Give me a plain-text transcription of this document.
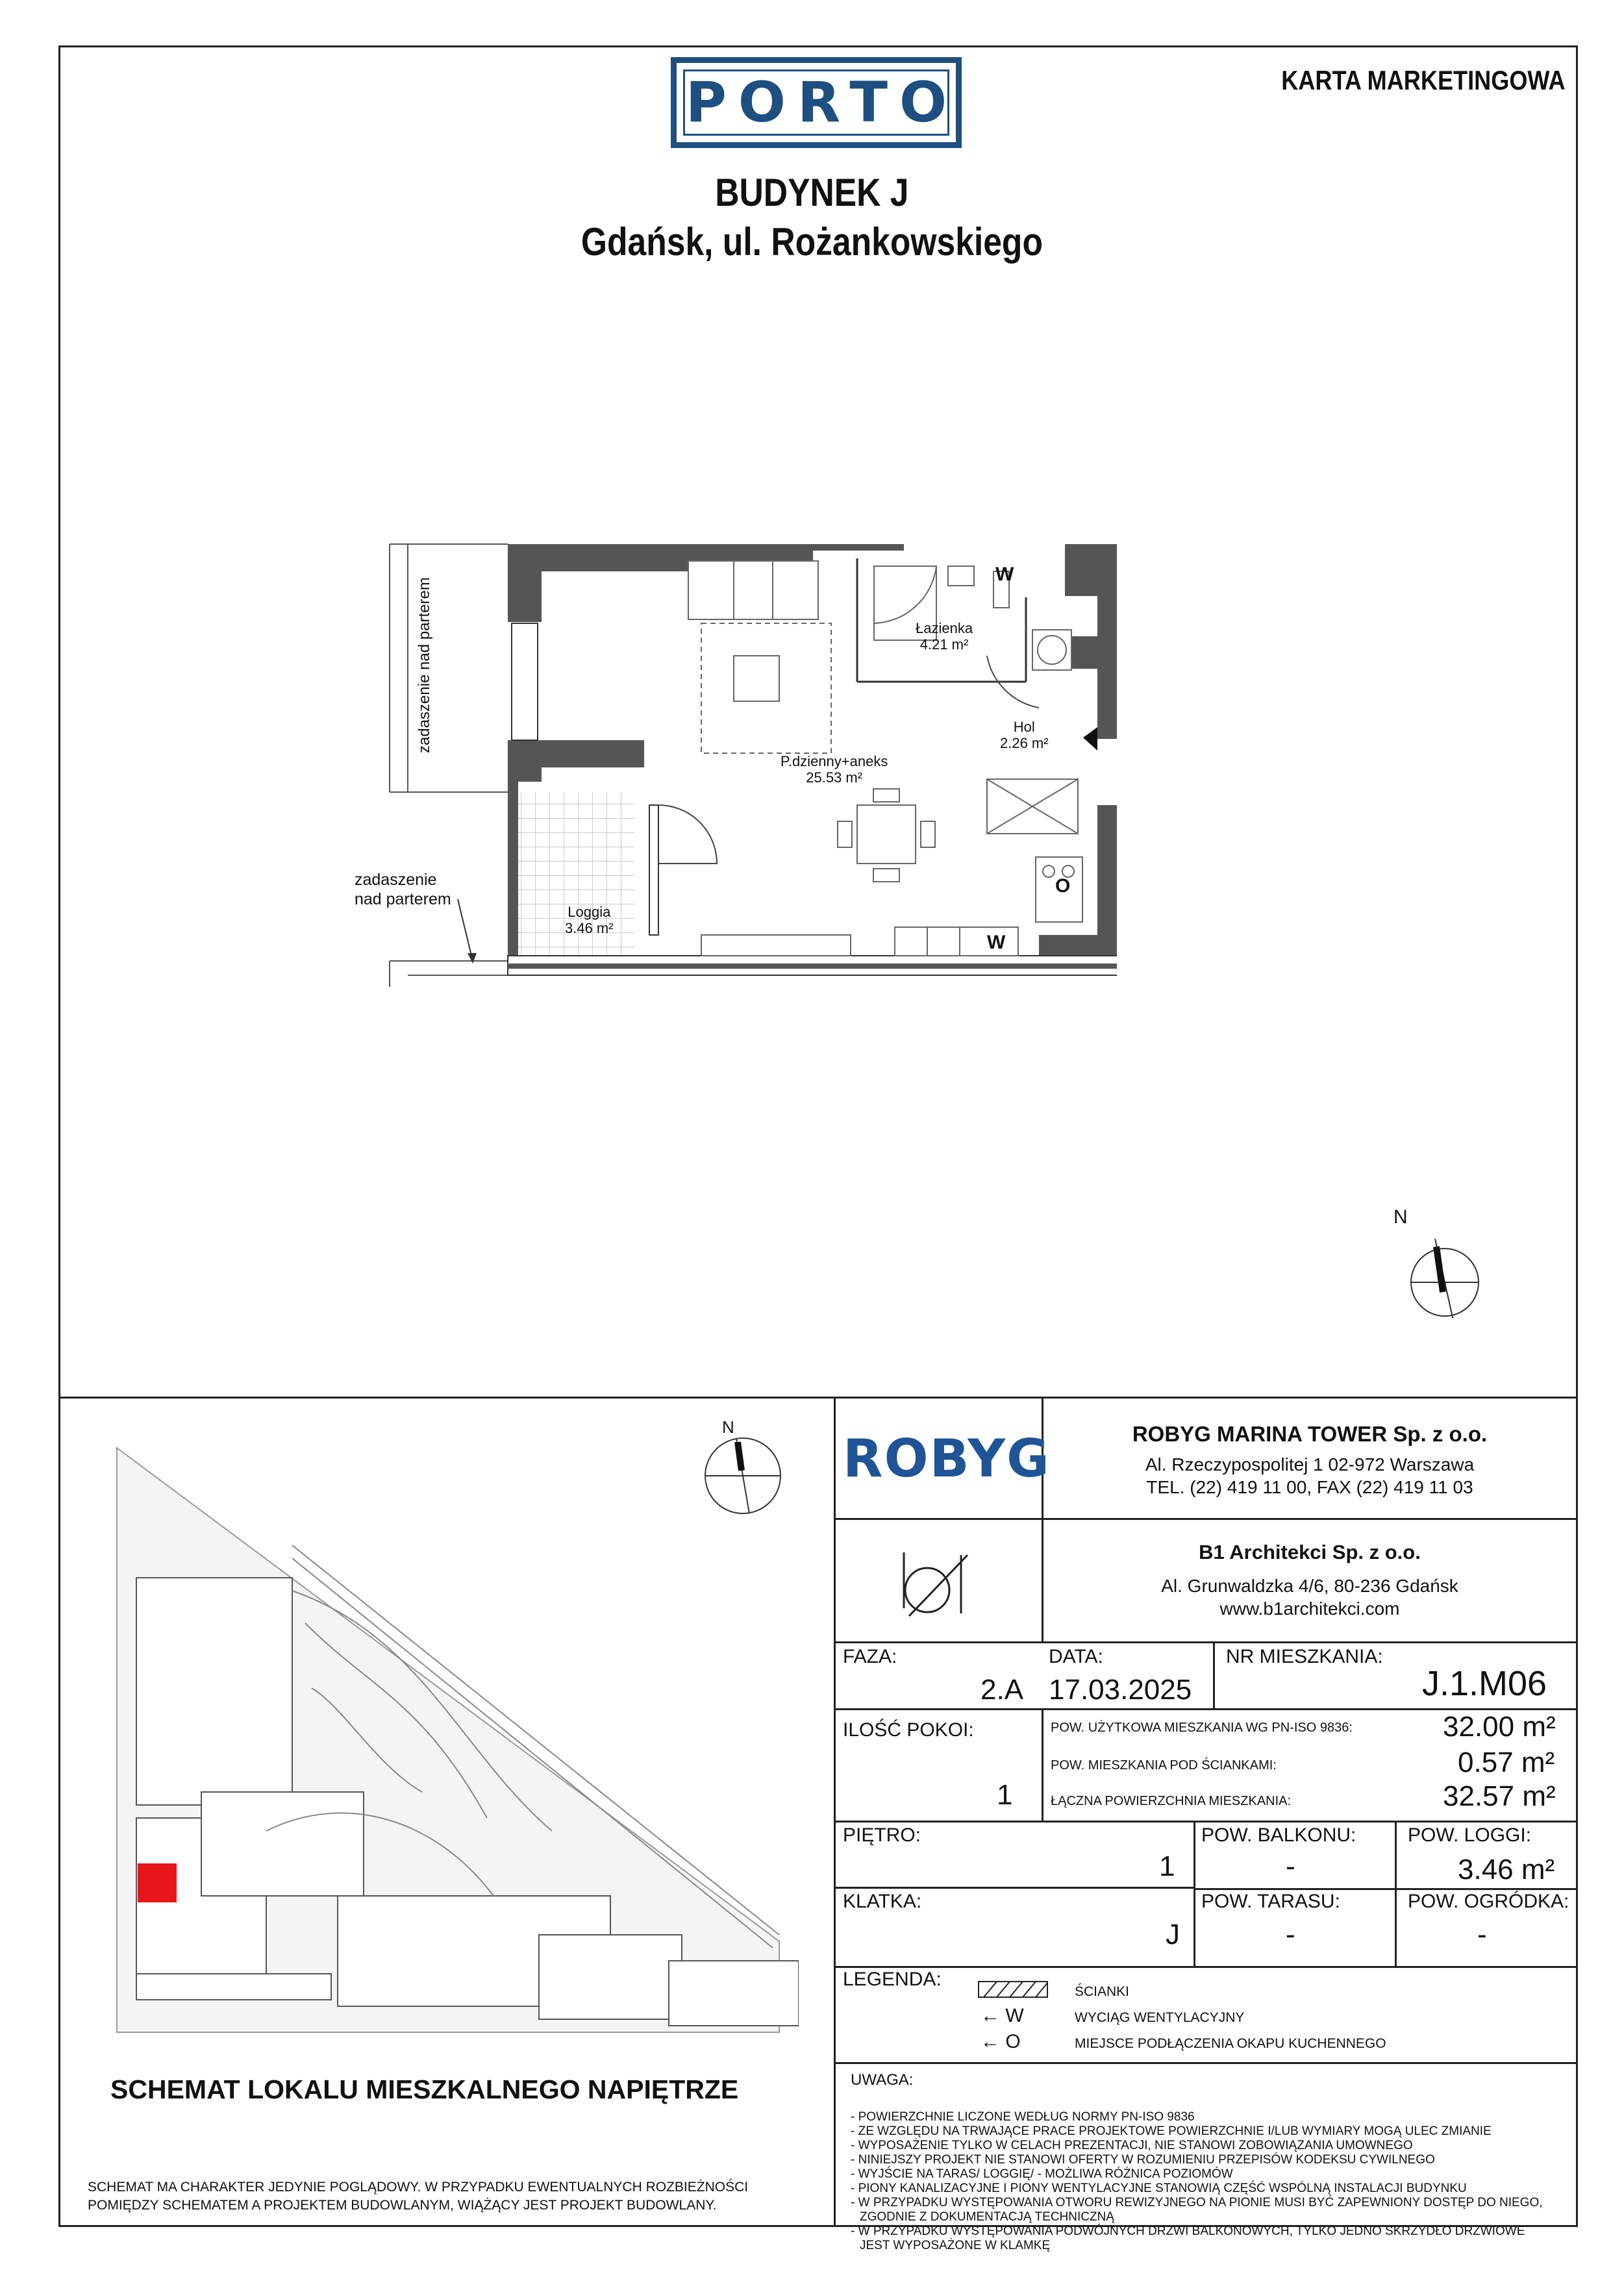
PORTO	KARTA MARKETINGOWA
BUDYNEK J
Gdańsk, ul. Rożankowskiego
Łazienka
4.21 m²
Hol
2.26 m²
P.dzienny+aneks
25.53 m²
Loggia
3.46 m²
zadaszenie nad parterem
zadaszenie
nad parterem
W
W
O
N
N
SCHEMAT LOKALU MIESZKALNEGO NAPIĘTRZE
SCHEMAT MA CHARAKTER JEDYNIE POGLĄDOWY. W PRZYPADKU EWENTUALNYCH ROZBIEŻNOŚCI
POMIĘDZY SCHEMATEM A PROJEKTEM BUDOWLANYM, WIĄŻĄCY JEST PROJEKT BUDOWLANY.
ROBYG	ROBYG MARINA TOWER Sp. z o.o.
Al. Rzeczypospolitej 1 02-972 Warszawa
TEL. (22) 419 11 00, FAX (22) 419 11 03
B1 Architekci Sp. z o.o.
Al. Grunwaldzka 4/6, 80-236 Gdańsk
www.b1architekci.com
FAZA:
2.A
DATA:
17.03.2025
NR MIESZKANIA:
J.1.M06
ILOŚĆ POKOI:
1
POW. UŻYTKOWA MIESZKANIA WG PN-ISO 9836:	32.00 m²
POW. MIESZKANIA POD ŚCIANKAMI:	0.57 m²
ŁĄCZNA POWIERZCHNIA MIESZKANIA:	32.57 m²
PIĘTRO:
1
POW. BALKONU:
-
POW. LOGGI:
3.46 m²
KLATKA:
J
POW. TARASU:
-
POW. OGRÓDKA:
-
LEGENDA:
ŚCIANKI
← W	WYCIĄG WENTYLACYJNY
← O	MIEJSCE PODŁĄCZENIA OKAPU KUCHENNEGO
UWAGA:
- POWIERZCHNIE LICZONE WEDŁUG NORMY PN-ISO 9836
- ZE WZGLĘDU NA TRWAJĄCE PRACE PROJEKTOWE POWIERZCHNIE I/LUB WYMIARY MOGĄ ULEC ZMIANIE
- WYPOSAŻENIE TYLKO W CELACH PREZENTACJI, NIE STANOWI ZOBOWIĄZANIA UMOWNEGO
- NINIEJSZY PROJEKT NIE STANOWI OFERTY W ROZUMIENIU PRZEPISÓW KODEKSU CYWILNEGO
- WYJŚCIE NA TARAS/ LOGGIĘ/ - MOŻLIWA RÓŻNICA POZIOMÓW
- PIONY KANALIZACYJNE I PIONY WENTYLACYJNE STANOWIĄ CZĘŚĆ WSPÓLNĄ INSTALACJI BUDYNKU
- W PRZYPADKU WYSTĘPOWANIA OTWORU REWIZYJNEGO NA PIONIE MUSI BYĆ ZAPEWNIONY DOSTĘP DO NIEGO,
ZGODNIE Z DOKUMENTACJĄ TECHNICZNĄ
- W PRZYPADKU WYSTĘPOWANIA PODWÓJNYCH DRZWI BALKONOWYCH, TYLKO JEDNO SKRZYDŁO DRZWIOWE
JEST WYPOSAŻONE W KLAMKĘ
